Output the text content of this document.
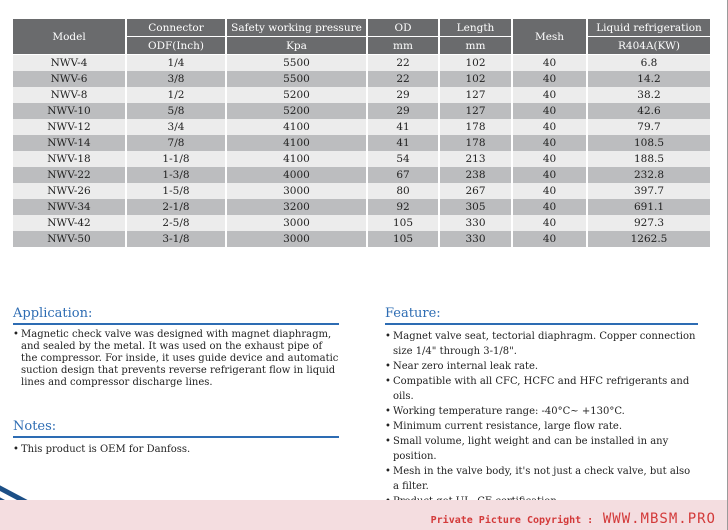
Model	Connector	Safety working pressure	OD	Length	Mesh	Liquid refrigeration
	ODF(Inch)	Kpa	mm	mm		R404A(KW)
NWV-4	1/4	5500	22	102	40	6.8
NWV-6	3/8	5500	22	102	40	14.2
NWV-8	1/2	5200	29	127	40	38.2
NWV-10	5/8	5200	29	127	40	42.6
NWV-12	3/4	4100	41	178	40	79.7
NWV-14	7/8	4100	41	178	40	108.5
NWV-18	1-1/8	4100	54	213	40	188.5
NWV-22	1-3/8	4000	67	238	40	232.8
NWV-26	1-5/8	3000	80	267	40	397.7
NWV-34	2-1/8	3200	92	305	40	691.1
NWV-42	2-5/8	3000	105	330	40	927.3
NWV-50	3-1/8	3000	105	330	40	1262.5
Application:
• Magnetic check valve was designed with magnet diaphragm, and sealed by the metal. It was used on the exhaust pipe of the compressor. For inside, it uses guide device and automatic suction design that prevents reverse refrigerant flow in liquid lines and compressor discharge lines.
Notes:
• This product is OEM for Danfoss.
Feature:
• Magnet valve seat, tectorial diaphragm. Copper connection size 1/4" through 3-1/8".
• Near zero internal leak rate.
• Compatible with all CFC, HCFC and HFC refrigerants and oils.
• Working temperature range: -40°C~ +130°C.
• Minimum current resistance, large flow rate.
• Small volume, light weight and can be installed in any position.
• Mesh in the valve body, it's not just a check valve, but also a filter.
•
Private Picture Copyright : WWW.MBSM.PRO
